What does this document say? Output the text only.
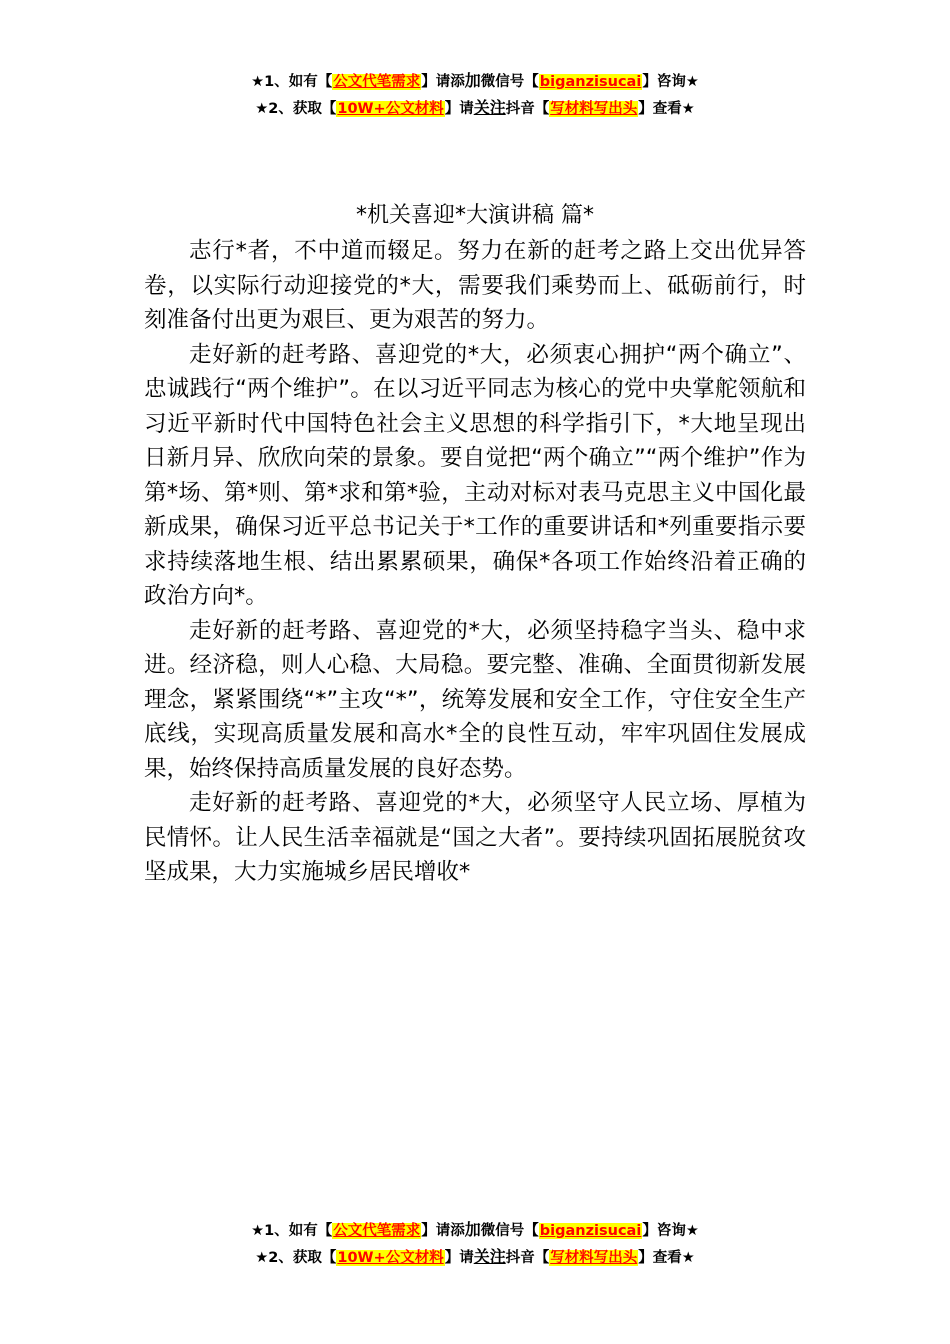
★1、如有【公文代笔需求】请添加微信号【biganzisucai】咨询★
★2、获取【10W+公文材料】请关注抖音【写材料写出头】查看★
*机关喜迎*大演讲稿 篇*

志行*者，不中道而辍足。努力在新的赶考之路上交出优异答卷，以实际行动迎接党的*大，需要我们乘势而上、砥砺前行，时刻准备付出更为艰巨、更为艰苦的努力。

走好新的赶考路、喜迎党的*大，必须衷心拥护“两个确立”、忠诚践行“两个维护”。在以习近平同志为核心的党中央掌舵领航和习近平新时代中国特色社会主义思想的科学指引下，*大地呈现出日新月异、欣欣向荣的景象。要自觉把“两个确立”“两个维护”作为第*场、第*则、第*求和第*验，主动对标对表马克思主义中国化最新成果，确保习近平总书记关于*工作的重要讲话和*列重要指示要求持续落地生根、结出累累硕果，确保*各项工作始终沿着正确的政治方向*。

走好新的赶考路、喜迎党的*大，必须坚持稳字当头、稳中求进。经济稳，则人心稳、大局稳。要完整、准确、全面贯彻新发展理念，紧紧围绕“*”主攻“*”，统筹发展和安全工作，守住安全生产底线，实现高质量发展和高水*全的良性互动，牢牢巩固住发展成果，始终保持高质量发展的良好态势。

走好新的赶考路、喜迎党的*大，必须坚守人民立场、厚植为民情怀。让人民生活幸福就是“国之大者”。要持续巩固拓展脱贫攻坚成果，大力实施城乡居民增收*

★1、如有【公文代笔需求】请添加微信号【biganzisucai】咨询★
★2、获取【10W+公文材料】请关注抖音【写材料写出头】查看★
